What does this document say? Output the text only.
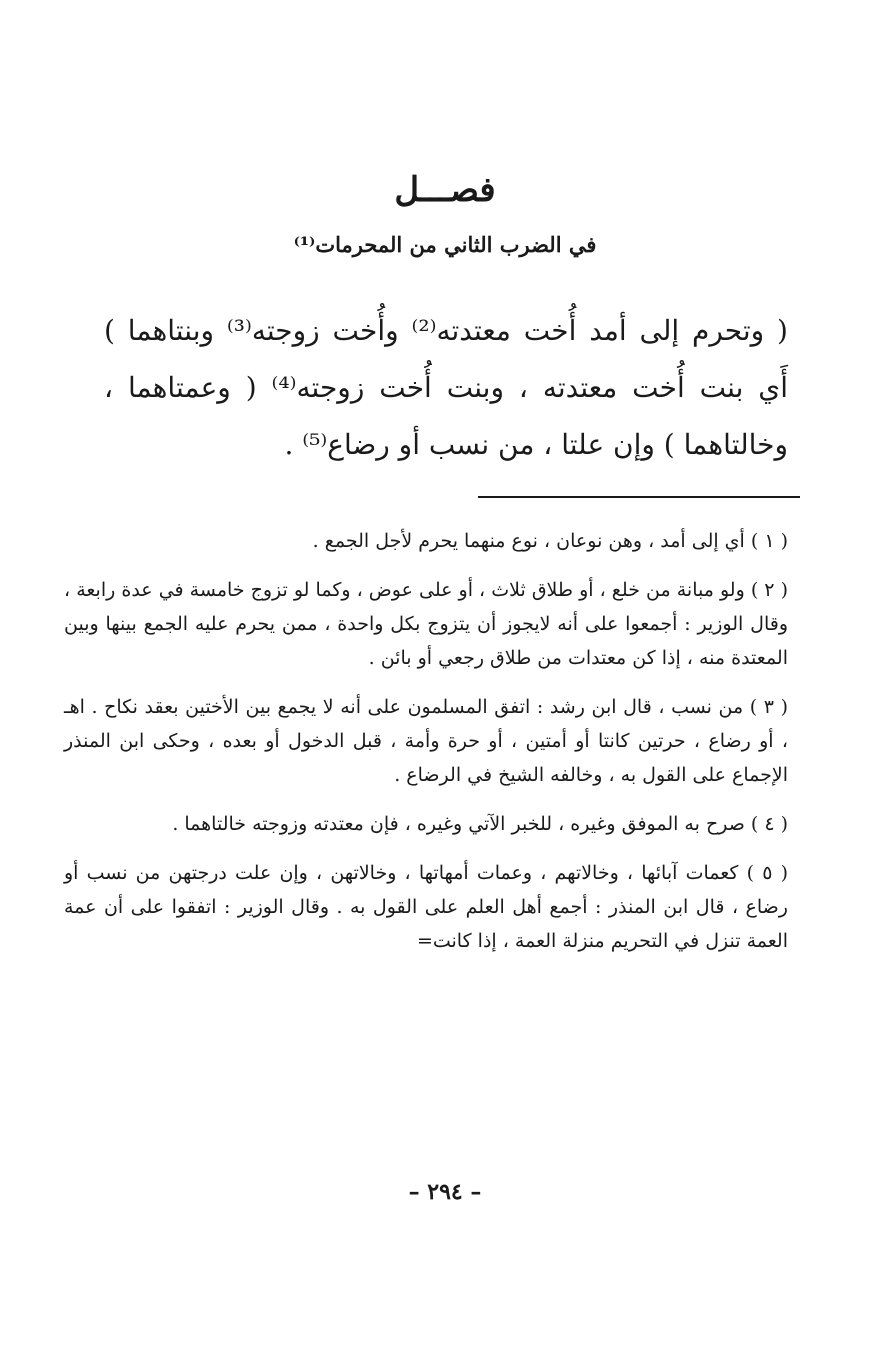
فصـــل
في الضرب الثاني من المحرمات⁽¹⁾

( وتحرم إلى أمد أُخت معتدته⁽²⁾ وأُخت زوجته⁽³⁾ وبنتاهما ) أَي بنت أُخت معتدته ، وبنت أُخت زوجته⁽⁴⁾ ( وعمتاهما ، وخالتاهما ) وإن علتا ، من نسب أو رضاع⁽⁵⁾ .

( ١ ) أي إلى أمد ، وهن نوعان ، نوع منهما يحرم لأجل الجمع .

( ٢ ) ولو مبانة من خلع ، أو طلاق ثلاث ، أو على عوض ، وكما لو تزوج خامسة في عدة رابعة ، وقال الوزير : أجمعوا على أنه لايجوز أن يتزوج بكل واحدة ، ممن يحرم عليه الجمع بينها وبين المعتدة منه ، إذا كن معتدات من طلاق رجعي أو بائن .

( ٣ ) من نسب ، قال ابن رشد : اتفق المسلمون على أنه لا يجمع بين الأختين بعقد نكاح . اهـ ، أو رضاع ، حرتين كانتا أو أمتين ، أو حرة وأمة ، قبل الدخول أو بعده ، وحكى ابن المنذر الإجماع على القول به ، وخالفه الشيخ في الرضاع .

( ٤ ) صرح به الموفق وغيره ، للخبر الآتي وغيره ، فإن معتدته وزوجته خالتاهما .

( ٥ ) كعمات آبائها ، وخالاتهم ، وعمات أمهاتها ، وخالاتهن ، وإن علت درجتهن من نسب أو رضاع ، قال ابن المنذر : أجمع أهل العلم على القول به . وقال الوزير : اتفقوا على أن عمة العمة تنزل في التحريم منزلة العمة ، إذا كانت=

– ٢٩٤ –
